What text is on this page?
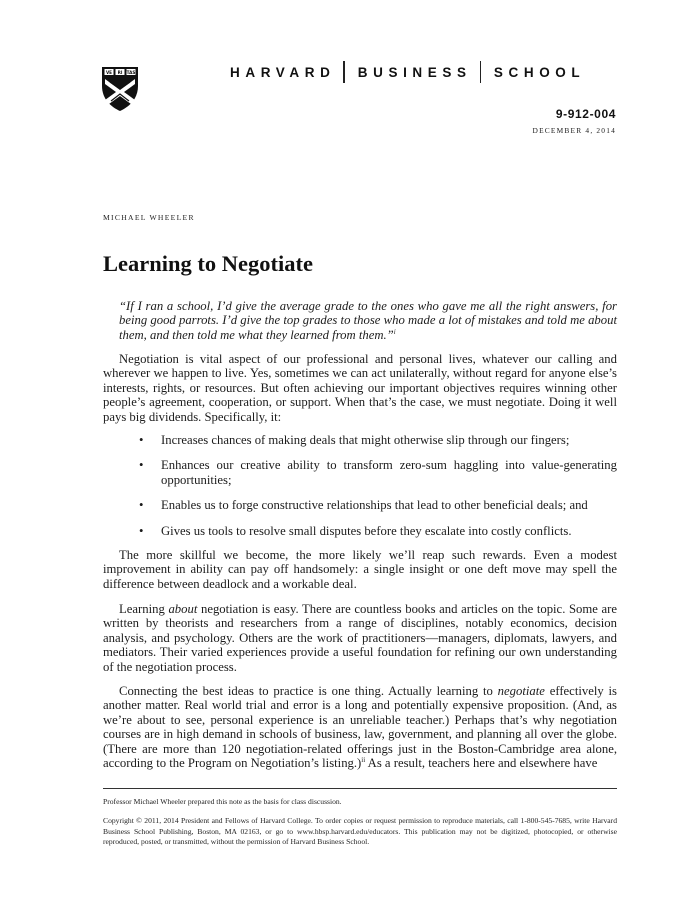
VE RI TAS	HARVARD BUSINESS SCHOOL
9-912-004
DECEMBER 4, 2014
MICHAEL WHEELER
Learning to Negotiate
“If I ran a school, I’d give the average grade to the ones who gave me all the right answers, for being good parrots. I’d give the top grades to those who made a lot of mistakes and told me about them, and then told me what they learned from them.”$^i$
Negotiation is vital aspect of our professional and personal lives, whatever our calling and wherever we happen to live. Yes, sometimes we can act unilaterally, without regard for anyone else’s interests, rights, or resources. But often achieving our important objectives requires winning other people’s agreement, cooperation, or support. When that’s the case, we must negotiate. Doing it well pays big dividends. Specifically, it:
• Increases chances of making deals that might otherwise slip through our fingers;
• Enhances our creative ability to transform zero-sum haggling into value-generating opportunities;
• Enables us to forge constructive relationships that lead to other beneficial deals; and
• Gives us tools to resolve small disputes before they escalate into costly conflicts.
The more skillful we become, the more likely we’ll reap such rewards. Even a modest improvement in ability can pay off handsomely: a single insight or one deft move may spell the difference between deadlock and a workable deal.
Learning about negotiation is easy. There are countless books and articles on the topic. Some are written by theorists and researchers from a range of disciplines, notably economics, decision analysis, and psychology. Others are the work of practitioners—managers, diplomats, lawyers, and mediators. Their varied experiences provide a useful foundation for refining our own understanding of the negotiation process.
Connecting the best ideas to practice is one thing. Actually learning to negotiate effectively is another matter. Real world trial and error is a long and potentially expensive proposition. (And, as we’re about to see, personal experience is an unreliable teacher.) Perhaps that’s why negotiation courses are in high demand in schools of business, law, government, and planning all over the globe. (There are more than 120 negotiation-related offerings just in the Boston-Cambridge area alone, according to the Program on Negotiation’s listing.)$^{ii}$ As a result, teachers here and elsewhere have
Professor Michael Wheeler prepared this note as the basis for class discussion.
Copyright © 2011, 2014 President and Fellows of Harvard College. To order copies or request permission to reproduce materials, call 1-800-545-7685, write Harvard Business School Publishing, Boston, MA 02163, or go to www.hbsp.harvard.edu/educators. This publication may not be digitized, photocopied, or otherwise reproduced, posted, or transmitted, without the permission of Harvard Business School.
